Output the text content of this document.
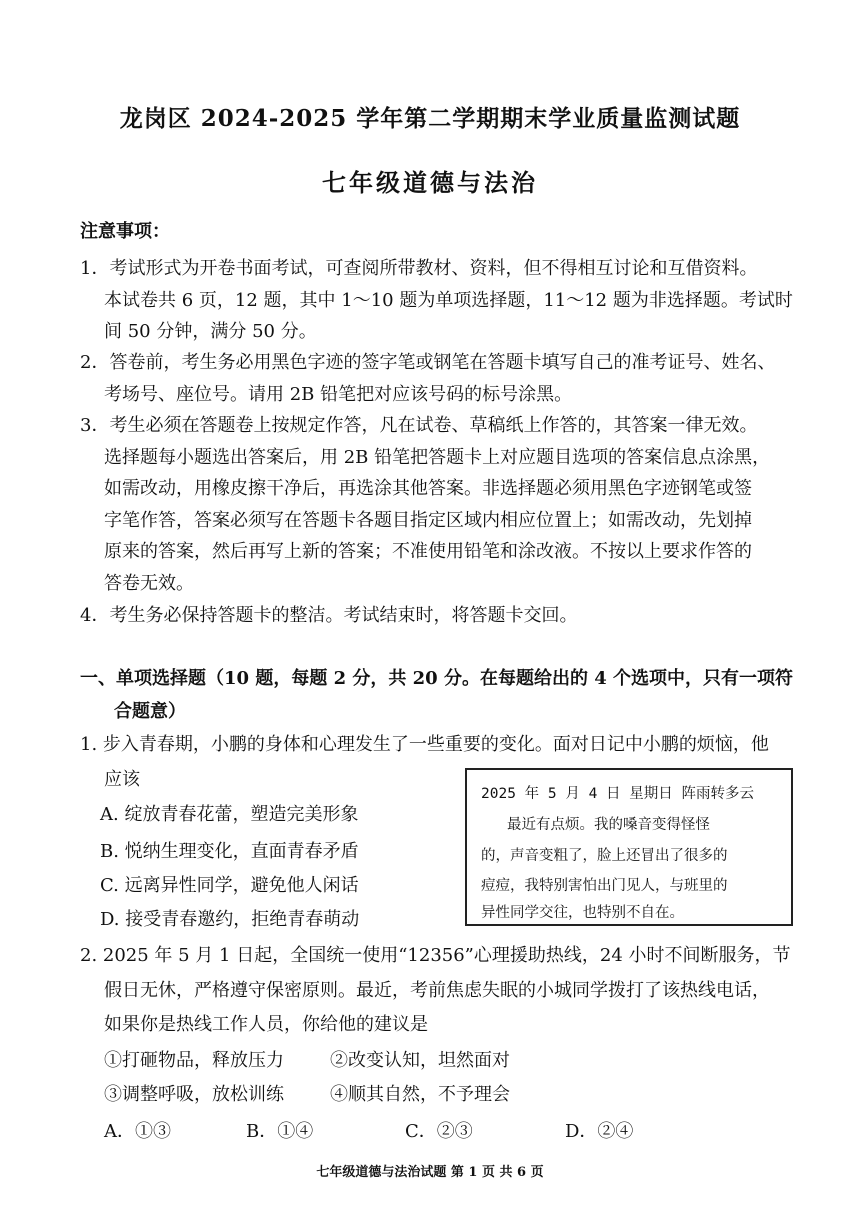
龙岗区 2024-2025 学年第二学期期末学业质量监测试题
七年级道德与法治
注意事项：
1．考试形式为开卷书面考试，可查阅所带教材、资料，但不得相互讨论和互借资料。
本试卷共 6 页，12 题，其中 1～10 题为单项选择题，11～12 题为非选择题。考试时
间 50 分钟，满分 50 分。
2．答卷前，考生务必用黑色字迹的签字笔或钢笔在答题卡填写自己的准考证号、姓名、
考场号、座位号。请用 2B 铅笔把对应该号码的标号涂黑。
3．考生必须在答题卷上按规定作答，凡在试卷、草稿纸上作答的，其答案一律无效。
选择题每小题选出答案后，用 2B 铅笔把答题卡上对应题目选项的答案信息点涂黑，
如需改动，用橡皮擦干净后，再选涂其他答案。非选择题必须用黑色字迹钢笔或签
字笔作答，答案必须写在答题卡各题目指定区域内相应位置上；如需改动，先划掉
原来的答案，然后再写上新的答案；不准使用铅笔和涂改液。不按以上要求作答的
答卷无效。
4．考生务必保持答题卡的整洁。考试结束时，将答题卡交回。
一、单项选择题（10 题，每题 2 分，共 20 分。在每题给出的 4 个选项中，只有一项符
合题意）
1. 步入青春期，小鹏的身体和心理发生了一些重要的变化。面对日记中小鹏的烦恼，他
应该
A. 绽放青春花蕾，塑造完美形象
B. 悦纳生理变化，直面青春矛盾
C. 远离异性同学，避免他人闲话
D. 接受青春邀约，拒绝青春萌动
2025 年 5 月 4 日 星期日 阵雨转多云
最近有点烦。我的嗓音变得怪怪
的，声音变粗了，脸上还冒出了很多的
痘痘，我特别害怕出门见人，与班里的
异性同学交往，也特别不自在。
2. 2025 年 5 月 1 日起，全国统一使用“12356”心理援助热线，24 小时不间断服务，节
假日无休，严格遵守保密原则。最近，考前焦虑失眠的小城同学拨打了该热线电话，
如果你是热线工作人员，你给他的建议是
①打砸物品，释放压力	②改变认知，坦然面对
③调整呼吸，放松训练	④顺其自然，不予理会
A．①③	B．①④	C．②③	D．②④
七年级道德与法治试题 第 1 页 共 6 页
